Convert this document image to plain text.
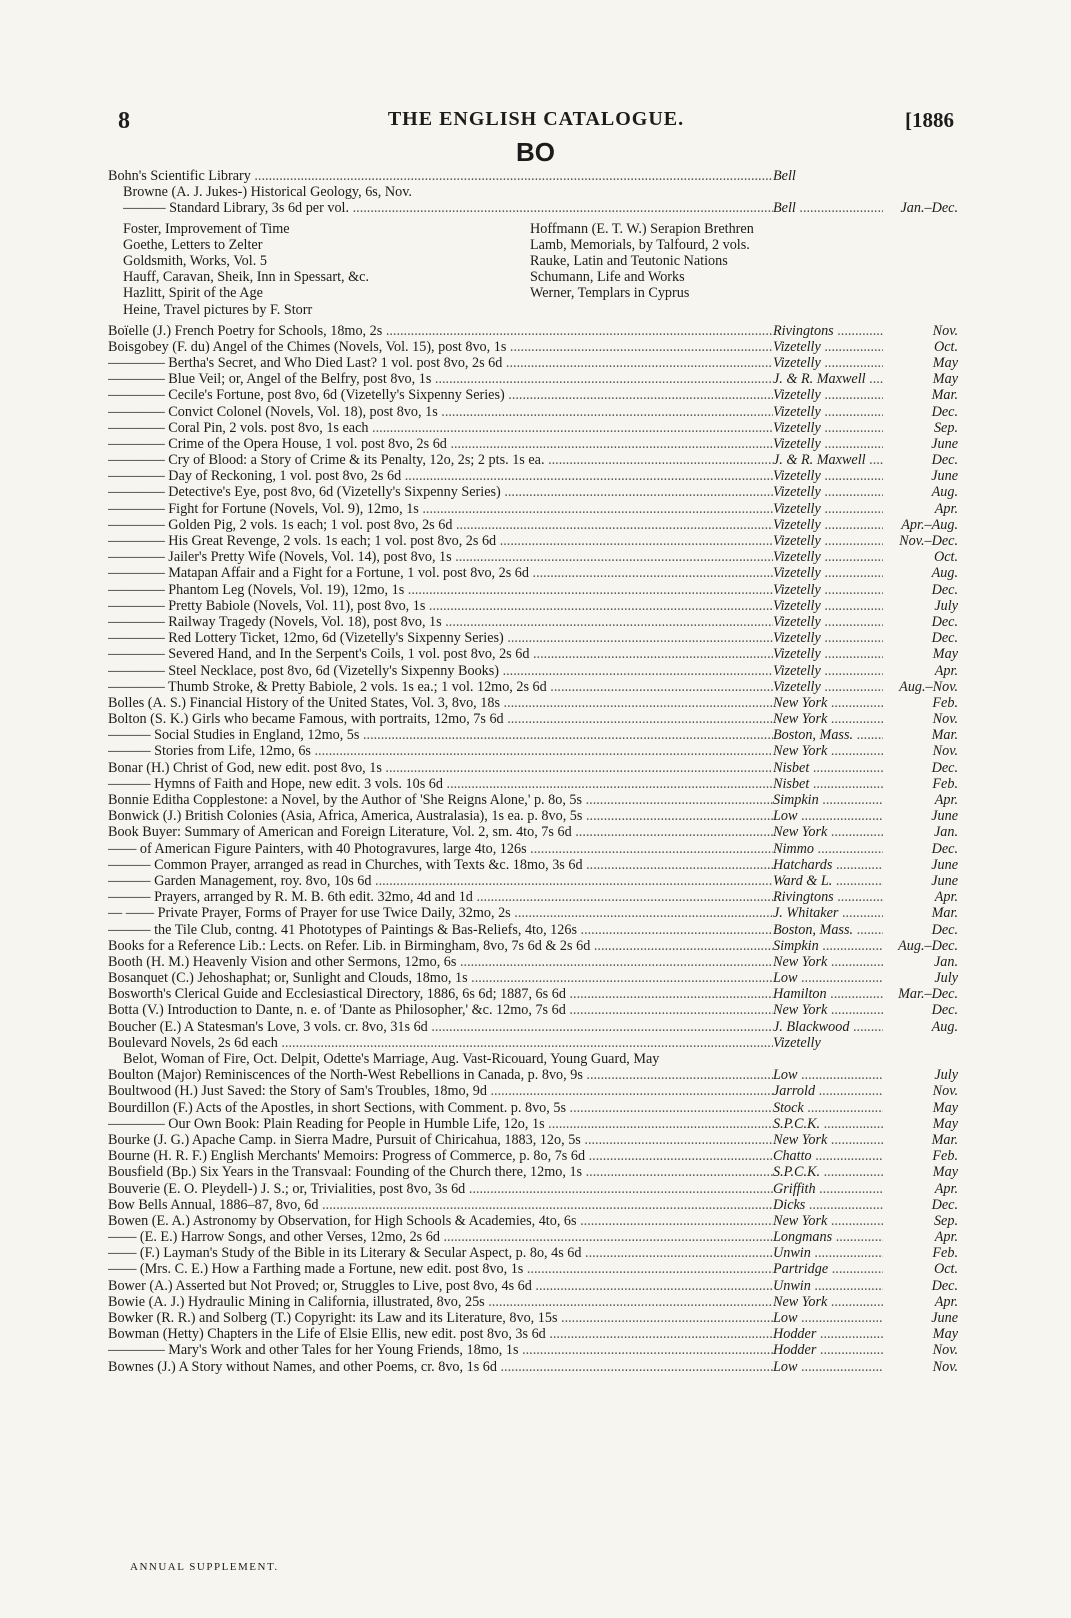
8	THE ENGLISH CATALOGUE.	[1886
BO
Bohn's Scientific Library .....	Bell
Browne (A. J. Jukes-) Historical Geology, 6s, Nov.
——— Standard Library, 3s 6d per vol. .....	Bell .....	Jan.–Dec.
Foster, Improvement of Time
Goethe, Letters to Zelter
Goldsmith, Works, Vol. 5
Hauff, Caravan, Sheik, Inn in Spessart, &c.
Hazlitt, Spirit of the Age
Heine, Travel pictures by F. Storr
Hoffmann (E. T. W.) Serapion Brethren
Lamb, Memorials, by Talfourd, 2 vols.
Rauke, Latin and Teutonic Nations
Schumann, Life and Works
Werner, Templars in Cyprus
Boïelle (J.) French Poetry for Schools, 18mo, 2s .....	Rivingtons .....	Nov.
Boisgobey (F. du) Angel of the Chimes (Novels, Vol. 15), post 8vo, 1s .....	Vizetelly .....	Oct.
———— Bertha's Secret, and Who Died Last? 1 vol. post 8vo, 2s 6d .....	Vizetelly .....	May
———— Blue Veil; or, Angel of the Belfry, post 8vo, 1s .....	J. & R. Maxwell .....	May
———— Cecile's Fortune, post 8vo, 6d (Vizetelly's Sixpenny Series) .....	Vizetelly .....	Mar.
———— Convict Colonel (Novels, Vol. 18), post 8vo, 1s .....	Vizetelly .....	Dec.
———— Coral Pin, 2 vols. post 8vo, 1s each .....	Vizetelly .....	Sep.
———— Crime of the Opera House, 1 vol. post 8vo, 2s 6d .....	Vizetelly .....	June
———— Cry of Blood: a Story of Crime & its Penalty, 12o, 2s; 2 pts. 1s ea. .....	J. & R. Maxwell .....	Dec.
———— Day of Reckoning, 1 vol. post 8vo, 2s 6d .....	Vizetelly .....	June
———— Detective's Eye, post 8vo, 6d (Vizetelly's Sixpenny Series) .....	Vizetelly .....	Aug.
———— Fight for Fortune (Novels, Vol. 9), 12mo, 1s .....	Vizetelly .....	Apr.
———— Golden Pig, 2 vols. 1s each; 1 vol. post 8vo, 2s 6d .....	Vizetelly .....	Apr.–Aug.
———— His Great Revenge, 2 vols. 1s each; 1 vol. post 8vo, 2s 6d .....	Vizetelly .....	Nov.–Dec.
———— Jailer's Pretty Wife (Novels, Vol. 14), post 8vo, 1s .....	Vizetelly .....	Oct.
———— Matapan Affair and a Fight for a Fortune, 1 vol. post 8vo, 2s 6d .....	Vizetelly .....	Aug.
———— Phantom Leg (Novels, Vol. 19), 12mo, 1s .....	Vizetelly .....	Dec.
———— Pretty Babiole (Novels, Vol. 11), post 8vo, 1s .....	Vizetelly .....	July
———— Railway Tragedy (Novels, Vol. 18), post 8vo, 1s .....	Vizetelly .....	Dec.
———— Red Lottery Ticket, 12mo, 6d (Vizetelly's Sixpenny Series) .....	Vizetelly .....	Dec.
———— Severed Hand, and In the Serpent's Coils, 1 vol. post 8vo, 2s 6d .....	Vizetelly .....	May
———— Steel Necklace, post 8vo, 6d (Vizetelly's Sixpenny Books) .....	Vizetelly .....	Apr.
———— Thumb Stroke, & Pretty Babiole, 2 vols. 1s ea.; 1 vol. 12mo, 2s 6d .....	Vizetelly .....	Aug.–Nov.
Bolles (A. S.) Financial History of the United States, Vol. 3, 8vo, 18s .....	New York .....	Feb.
Bolton (S. K.) Girls who became Famous, with portraits, 12mo, 7s 6d .....	New York .....	Nov.
——— Social Studies in England, 12mo, 5s .....	Boston, Mass. .....	Mar.
——— Stories from Life, 12mo, 6s .....	New York .....	Nov.
Bonar (H.) Christ of God, new edit. post 8vo, 1s .....	Nisbet .....	Dec.
——— Hymns of Faith and Hope, new edit. 3 vols. 10s 6d .....	Nisbet .....	Feb.
Bonnie Editha Copplestone: a Novel, by the Author of 'She Reigns Alone,' p. 8o, 5s .....	Simpkin .....	Apr.
Bonwick (J.) British Colonies (Asia, Africa, America, Australasia), 1s ea. p. 8vo, 5s .....	Low .....	June
Book Buyer: Summary of American and Foreign Literature, Vol. 2, sm. 4to, 7s 6d .....	New York .....	Jan.
—— of American Figure Painters, with 40 Photogravures, large 4to, 126s .....	Nimmo .....	Dec.
——— Common Prayer, arranged as read in Churches, with Texts &c. 18mo, 3s 6d .....	Hatchards .....	June
——— Garden Management, roy. 8vo, 10s 6d .....	Ward & L. .....	June
——— Prayers, arranged by R. M. B. 6th edit. 32mo, 4d and 1d .....	Rivingtons .....	Apr.
— —— Private Prayer, Forms of Prayer for use Twice Daily, 32mo, 2s .....	J. Whitaker .....	Mar.
——— the Tile Club, contng. 41 Phototypes of Paintings & Bas-Reliefs, 4to, 126s .....	Boston, Mass. .....	Dec.
Books for a Reference Lib.: Lects. on Refer. Lib. in Birmingham, 8vo, 7s 6d & 2s 6d .....	Simpkin .....	Aug.–Dec.
Booth (H. M.) Heavenly Vision and other Sermons, 12mo, 6s .....	New York .....	Jan.
Bosanquet (C.) Jehoshaphat; or, Sunlight and Clouds, 18mo, 1s .....	Low .....	July
Bosworth's Clerical Guide and Ecclesiastical Directory, 1886, 6s 6d; 1887, 6s 6d .....	Hamilton .....	Mar.–Dec.
Botta (V.) Introduction to Dante, n. e. of 'Dante as Philosopher,' &c. 12mo, 7s 6d .....	New York .....	Dec.
Boucher (E.) A Statesman's Love, 3 vols. cr. 8vo, 31s 6d .....	J. Blackwood .....	Aug.
Boulevard Novels, 2s 6d each .....	Vizetelly
Belot, Woman of Fire, Oct. Delpit, Odette's Marriage, Aug. Vast-Ricouard, Young Guard, May
Boulton (Major) Reminiscences of the North-West Rebellions in Canada, p. 8vo, 9s .....	Low .....	July
Boultwood (H.) Just Saved: the Story of Sam's Troubles, 18mo, 9d .....	Jarrold .....	Nov.
Bourdillon (F.) Acts of the Apostles, in short Sections, with Comment. p. 8vo, 5s .....	Stock .....	May
———— Our Own Book: Plain Reading for People in Humble Life, 12o, 1s .....	S.P.C.K. .....	May
Bourke (J. G.) Apache Camp. in Sierra Madre, Pursuit of Chiricahua, 1883, 12o, 5s .....	New York .....	Mar.
Bourne (H. R. F.) English Merchants' Memoirs: Progress of Commerce, p. 8o, 7s 6d .....	Chatto .....	Feb.
Bousfield (Bp.) Six Years in the Transvaal: Founding of the Church there, 12mo, 1s .....	S.P.C.K. .....	May
Bouverie (E. O. Pleydell-) J. S.; or, Trivialities, post 8vo, 3s 6d .....	Griffith .....	Apr.
Bow Bells Annual, 1886–87, 8vo, 6d .....	Dicks .....	Dec.
Bowen (E. A.) Astronomy by Observation, for High Schools & Academies, 4to, 6s .....	New York .....	Sep.
—— (E. E.) Harrow Songs, and other Verses, 12mo, 2s 6d .....	Longmans .....	Apr.
—— (F.) Layman's Study of the Bible in its Literary & Secular Aspect, p. 8o, 4s 6d .....	Unwin .....	Feb.
—— (Mrs. C. E.) How a Farthing made a Fortune, new edit. post 8vo, 1s .....	Partridge .....	Oct.
Bower (A.) Asserted but Not Proved; or, Struggles to Live, post 8vo, 4s 6d .....	Unwin .....	Dec.
Bowie (A. J.) Hydraulic Mining in California, illustrated, 8vo, 25s .....	New York .....	Apr.
Bowker (R. R.) and Solberg (T.) Copyright: its Law and its Literature, 8vo, 15s .....	Low .....	June
Bowman (Hetty) Chapters in the Life of Elsie Ellis, new edit. post 8vo, 3s 6d .....	Hodder .....	May
———— Mary's Work and other Tales for her Young Friends, 18mo, 1s .....	Hodder .....	Nov.
Bownes (J.) A Story without Names, and other Poems, cr. 8vo, 1s 6d .....	Low .....	Nov.
ANNUAL SUPPLEMENT.
